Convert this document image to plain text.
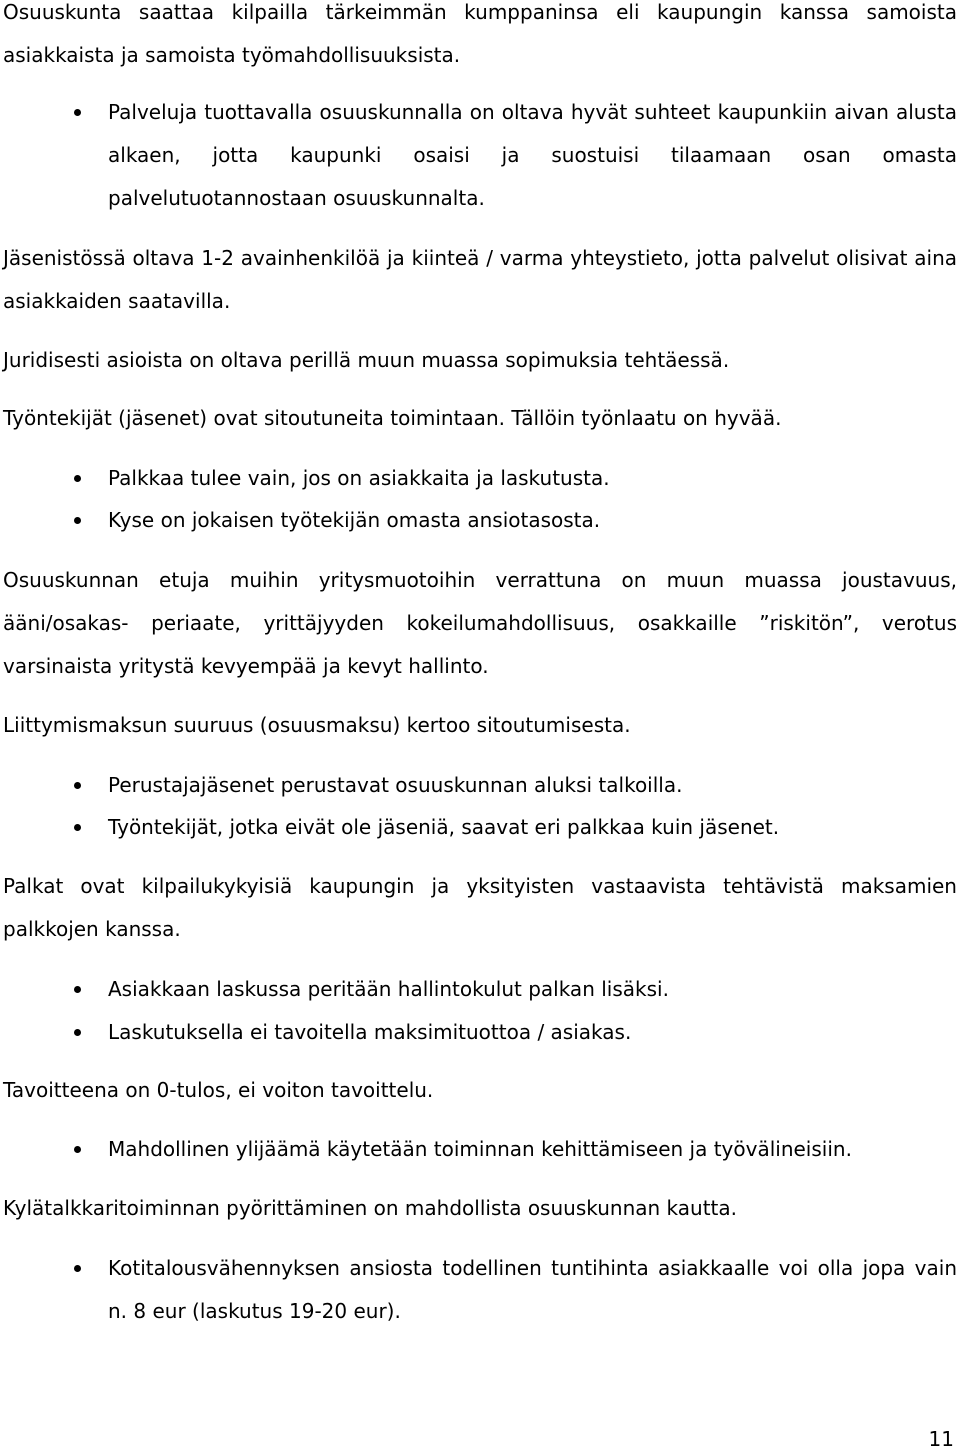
Osuuskunta saattaa kilpailla tärkeimmän kumppaninsa eli kaupungin kanssa samoista asiakkaista ja samoista työmahdollisuuksista.

Palveluja tuottavalla osuuskunnalla on oltava hyvät suhteet kaupunkiin aivan alusta alkaen, jotta kaupunki osaisi ja suostuisi tilaamaan osan omasta palvelutuotannostaan osuuskunnalta.

Jäsenistössä oltava 1-2 avainhenkilöä ja kiinteä / varma yhteystieto, jotta palvelut olisivat aina asiakkaiden saatavilla.

Juridisesti asioista on oltava perillä muun muassa sopimuksia tehtäessä.

Työntekijät (jäsenet) ovat sitoutuneita toimintaan. Tällöin työnlaatu on hyvää.

Palkkaa tulee vain, jos on asiakkaita ja laskutusta.
Kyse on jokaisen työtekijän omasta ansiotasosta.

Osuuskunnan etuja muihin yritysmuotoihin verrattuna on muun muassa joustavuus, ääni/osakas- periaate, yrittäjyyden kokeilumahdollisuus, osakkaille ”riskitön”, verotus varsinaista yritystä kevyempää ja kevyt hallinto.

Liittymismaksun suuruus (osuusmaksu) kertoo sitoutumisesta.

Perustajajäsenet perustavat osuuskunnan aluksi talkoilla.
Työntekijät, jotka eivät ole jäseniä, saavat eri palkkaa kuin jäsenet.

Palkat ovat kilpailukykyisiä kaupungin ja yksityisten vastaavista tehtävistä maksamien palkkojen kanssa.

Asiakkaan laskussa peritään hallintokulut palkan lisäksi.
Laskutuksella ei tavoitella maksimituottoa / asiakas.

Tavoitteena on 0-tulos, ei voiton tavoittelu.

Mahdollinen ylijäämä käytetään toiminnan kehittämiseen ja työvälineisiin.

Kylätalkkaritoiminnan pyörittäminen on mahdollista osuuskunnan kautta.

Kotitalousvähennyksen ansiosta todellinen tuntihinta asiakkaalle voi olla jopa vain n. 8 eur (laskutus 19-20 eur).

11
